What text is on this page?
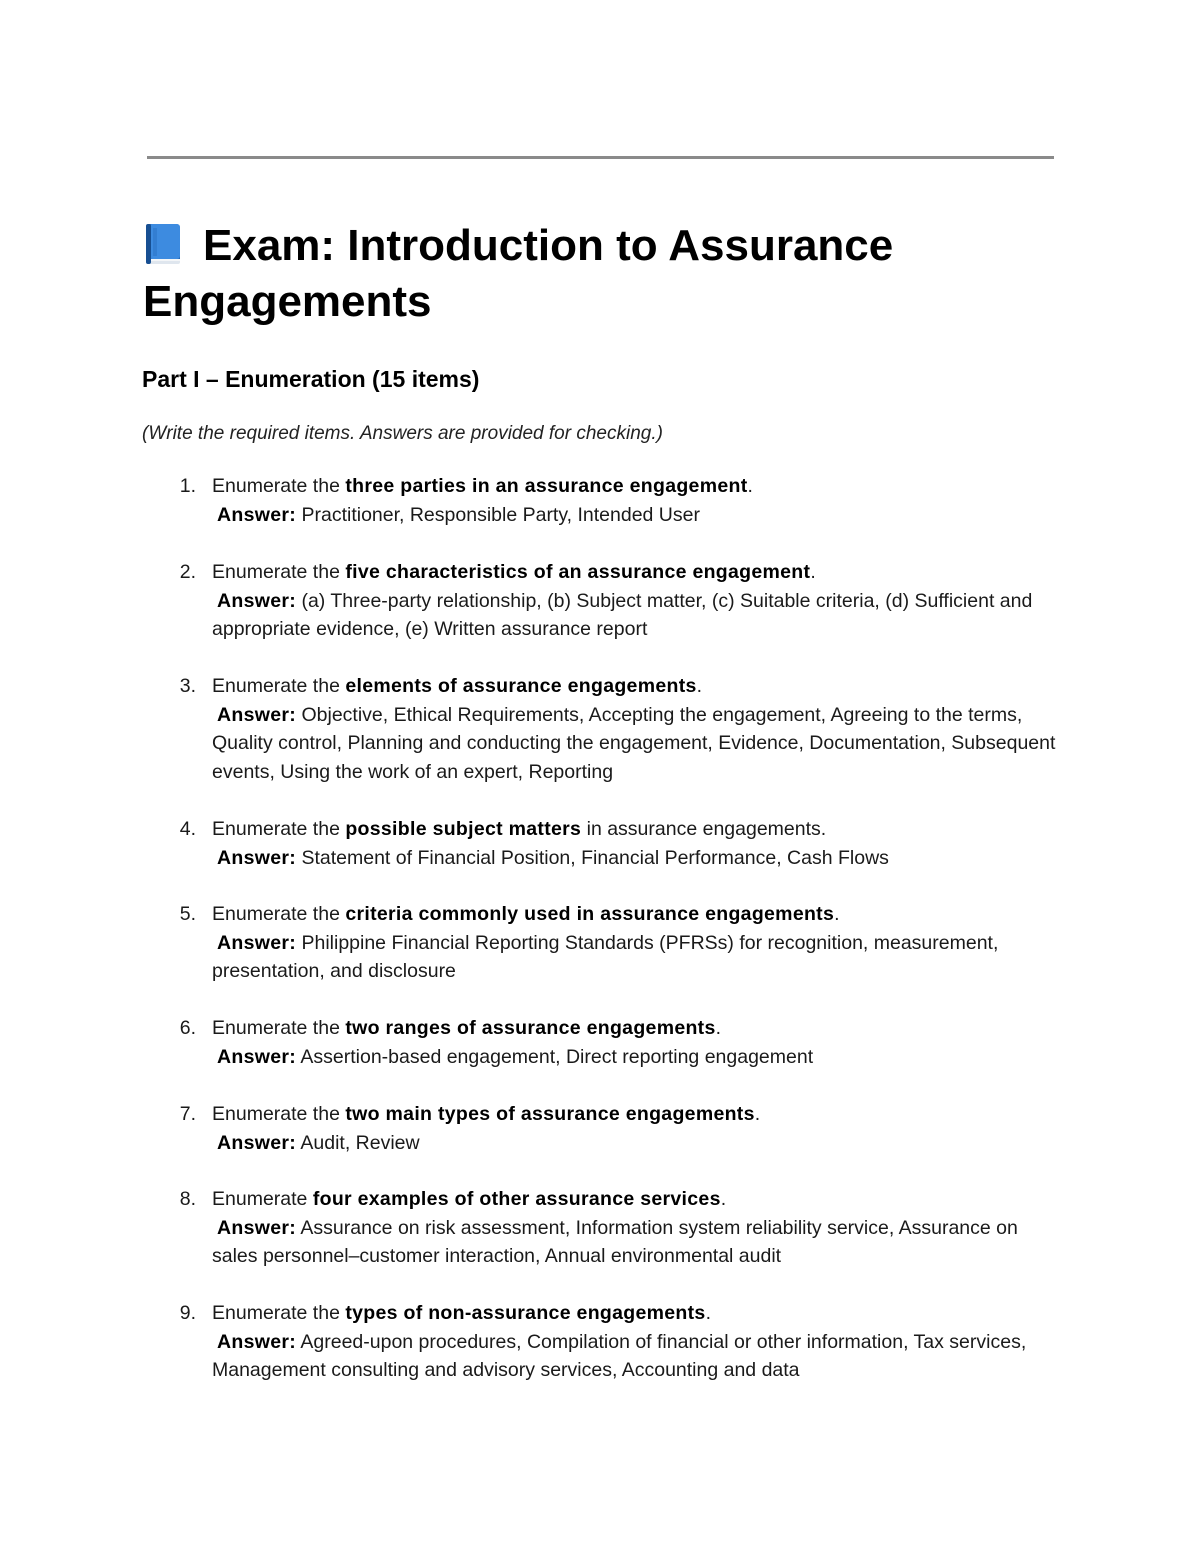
Exam: Introduction to Assurance Engagements
Part I – Enumeration (15 items)

(Write the required items. Answers are provided for checking.)

1. Enumerate the three parties in an assurance engagement.
Answer: Practitioner, Responsible Party, Intended User
2. Enumerate the five characteristics of an assurance engagement.
Answer: (a) Three-party relationship, (b) Subject matter, (c) Suitable criteria, (d) Sufficient and appropriate evidence, (e) Written assurance report
3. Enumerate the elements of assurance engagements.
Answer: Objective, Ethical Requirements, Accepting the engagement, Agreeing to the terms, Quality control, Planning and conducting the engagement, Evidence, Documentation, Subsequent events, Using the work of an expert, Reporting
4. Enumerate the possible subject matters in assurance engagements.
Answer: Statement of Financial Position, Financial Performance, Cash Flows
5. Enumerate the criteria commonly used in assurance engagements.
Answer: Philippine Financial Reporting Standards (PFRSs) for recognition, measurement, presentation, and disclosure
6. Enumerate the two ranges of assurance engagements.
Answer: Assertion-based engagement, Direct reporting engagement
7. Enumerate the two main types of assurance engagements.
Answer: Audit, Review
8. Enumerate four examples of other assurance services.
Answer: Assurance on risk assessment, Information system reliability service, Assurance on sales personnel–customer interaction, Annual environmental audit
9. Enumerate the types of non-assurance engagements.
Answer: Agreed-upon procedures, Compilation of financial or other information, Tax services, Management consulting and advisory services, Accounting and data
